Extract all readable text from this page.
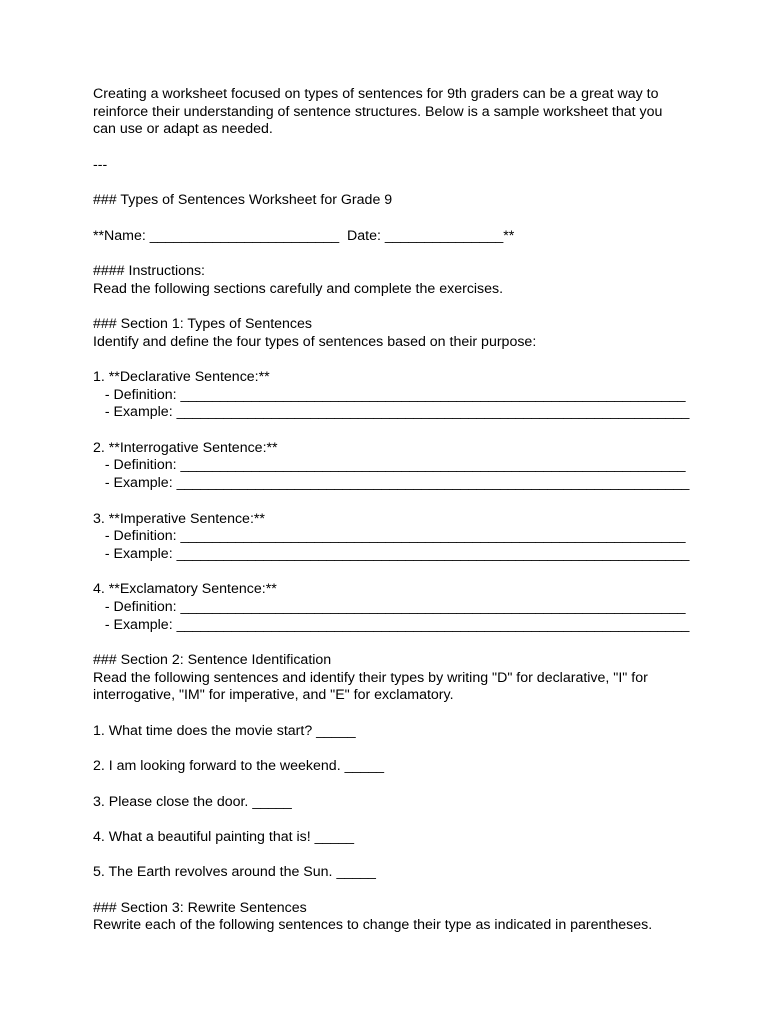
Creating a worksheet focused on types of sentences for 9th graders can be a great way to
reinforce their understanding of sentence structures. Below is a sample worksheet that you
can use or adapt as needed.
---
### Types of Sentences Worksheet for Grade 9
**Name: ________________________  Date: _______________**
#### Instructions:
Read the following sections carefully and complete the exercises.
### Section 1: Types of Sentences
Identify and define the four types of sentences based on their purpose:
1. **Declarative Sentence:**
- Definition: ________________________________________________________________
- Example: _________________________________________________________________
2. **Interrogative Sentence:**
- Definition: ________________________________________________________________
- Example: _________________________________________________________________
3. **Imperative Sentence:**
- Definition: ________________________________________________________________
- Example: _________________________________________________________________
4. **Exclamatory Sentence:**
- Definition: ________________________________________________________________
- Example: _________________________________________________________________
### Section 2: Sentence Identification
Read the following sentences and identify their types by writing "D" for declarative, "I" for
interrogative, "IM" for imperative, and "E" for exclamatory.
1. What time does the movie start? _____
2. I am looking forward to the weekend. _____
3. Please close the door. _____
4. What a beautiful painting that is! _____
5. The Earth revolves around the Sun. _____
### Section 3: Rewrite Sentences
Rewrite each of the following sentences to change their type as indicated in parentheses.
